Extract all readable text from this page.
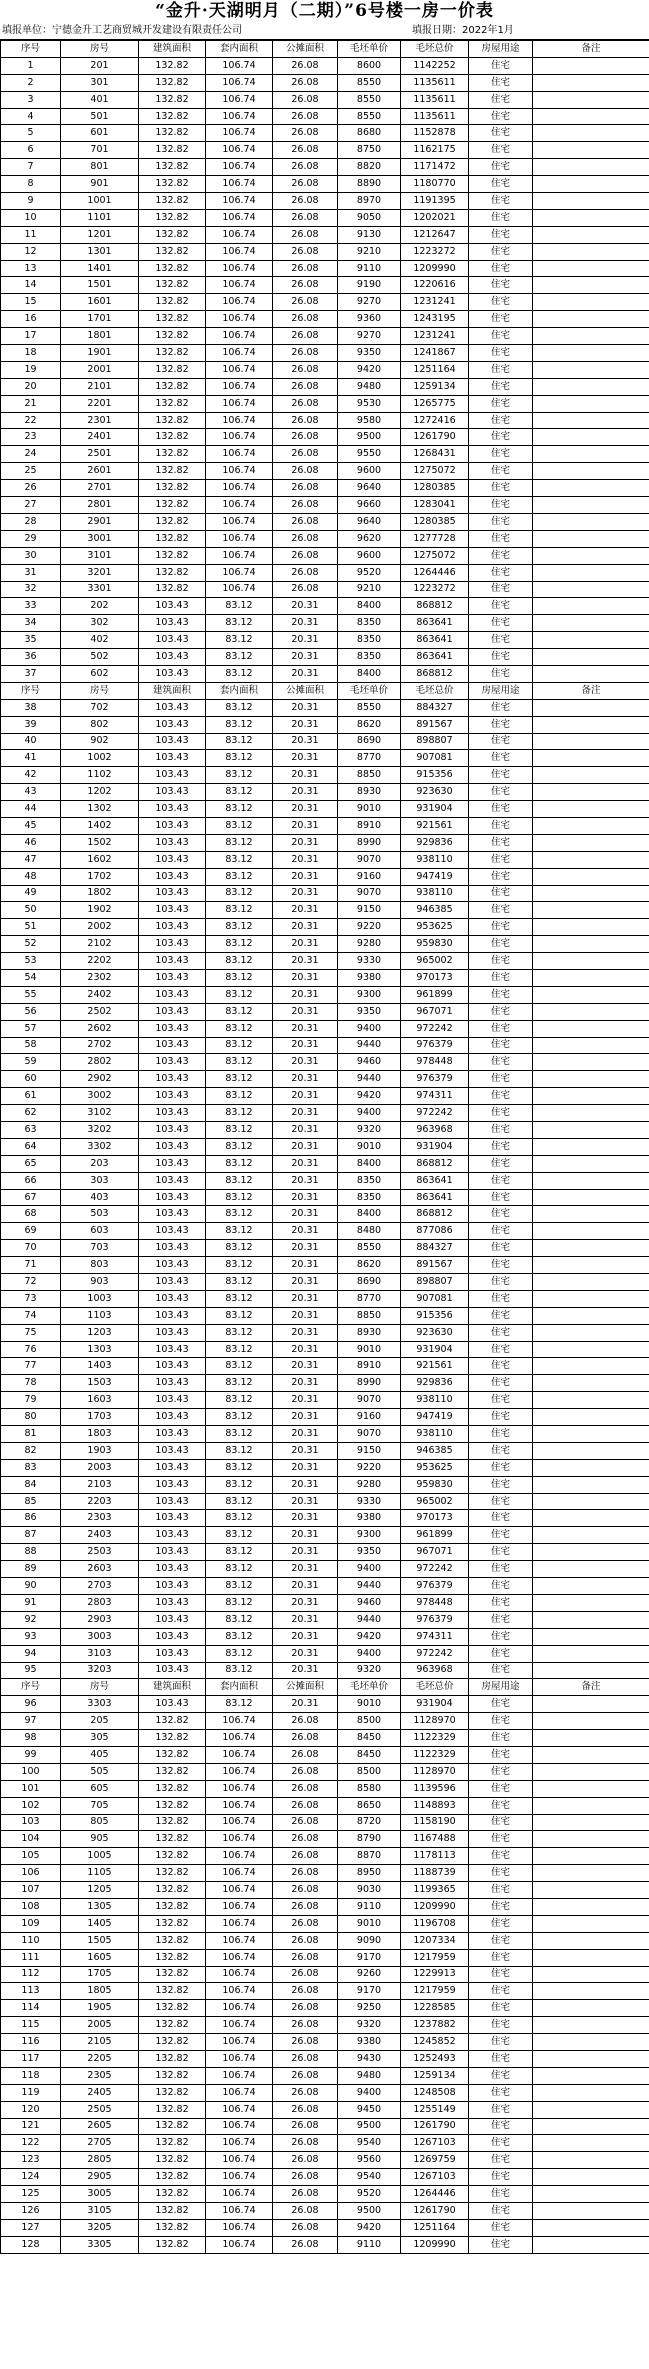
“金升·天湖明月（二期）”6号楼一房一价表
填报单位：宁德金升工艺商贸城开发建设有限责任公司	填报日期：2022年1月
序号	房号	建筑面积	套内面积	公摊面积	毛坯单价	毛坯总价	房屋用途	备注
1	201	132.82	106.74	26.08	8600	1142252	住宅	
2	301	132.82	106.74	26.08	8550	1135611	住宅	
3	401	132.82	106.74	26.08	8550	1135611	住宅	
4	501	132.82	106.74	26.08	8550	1135611	住宅	
5	601	132.82	106.74	26.08	8680	1152878	住宅	
6	701	132.82	106.74	26.08	8750	1162175	住宅	
7	801	132.82	106.74	26.08	8820	1171472	住宅	
8	901	132.82	106.74	26.08	8890	1180770	住宅	
9	1001	132.82	106.74	26.08	8970	1191395	住宅	
10	1101	132.82	106.74	26.08	9050	1202021	住宅	
11	1201	132.82	106.74	26.08	9130	1212647	住宅	
12	1301	132.82	106.74	26.08	9210	1223272	住宅	
13	1401	132.82	106.74	26.08	9110	1209990	住宅	
14	1501	132.82	106.74	26.08	9190	1220616	住宅	
15	1601	132.82	106.74	26.08	9270	1231241	住宅	
16	1701	132.82	106.74	26.08	9360	1243195	住宅	
17	1801	132.82	106.74	26.08	9270	1231241	住宅	
18	1901	132.82	106.74	26.08	9350	1241867	住宅	
19	2001	132.82	106.74	26.08	9420	1251164	住宅	
20	2101	132.82	106.74	26.08	9480	1259134	住宅	
21	2201	132.82	106.74	26.08	9530	1265775	住宅	
22	2301	132.82	106.74	26.08	9580	1272416	住宅	
23	2401	132.82	106.74	26.08	9500	1261790	住宅	
24	2501	132.82	106.74	26.08	9550	1268431	住宅	
25	2601	132.82	106.74	26.08	9600	1275072	住宅	
26	2701	132.82	106.74	26.08	9640	1280385	住宅	
27	2801	132.82	106.74	26.08	9660	1283041	住宅	
28	2901	132.82	106.74	26.08	9640	1280385	住宅	
29	3001	132.82	106.74	26.08	9620	1277728	住宅	
30	3101	132.82	106.74	26.08	9600	1275072	住宅	
31	3201	132.82	106.74	26.08	9520	1264446	住宅	
32	3301	132.82	106.74	26.08	9210	1223272	住宅	
33	202	103.43	83.12	20.31	8400	868812	住宅	
34	302	103.43	83.12	20.31	8350	863641	住宅	
35	402	103.43	83.12	20.31	8350	863641	住宅	
36	502	103.43	83.12	20.31	8350	863641	住宅	
37	602	103.43	83.12	20.31	8400	868812	住宅	
序号	房号	建筑面积	套内面积	公摊面积	毛坯单价	毛坯总价	房屋用途	备注
38	702	103.43	83.12	20.31	8550	884327	住宅	
39	802	103.43	83.12	20.31	8620	891567	住宅	
40	902	103.43	83.12	20.31	8690	898807	住宅	
41	1002	103.43	83.12	20.31	8770	907081	住宅	
42	1102	103.43	83.12	20.31	8850	915356	住宅	
43	1202	103.43	83.12	20.31	8930	923630	住宅	
44	1302	103.43	83.12	20.31	9010	931904	住宅	
45	1402	103.43	83.12	20.31	8910	921561	住宅	
46	1502	103.43	83.12	20.31	8990	929836	住宅	
47	1602	103.43	83.12	20.31	9070	938110	住宅	
48	1702	103.43	83.12	20.31	9160	947419	住宅	
49	1802	103.43	83.12	20.31	9070	938110	住宅	
50	1902	103.43	83.12	20.31	9150	946385	住宅	
51	2002	103.43	83.12	20.31	9220	953625	住宅	
52	2102	103.43	83.12	20.31	9280	959830	住宅	
53	2202	103.43	83.12	20.31	9330	965002	住宅	
54	2302	103.43	83.12	20.31	9380	970173	住宅	
55	2402	103.43	83.12	20.31	9300	961899	住宅	
56	2502	103.43	83.12	20.31	9350	967071	住宅	
57	2602	103.43	83.12	20.31	9400	972242	住宅	
58	2702	103.43	83.12	20.31	9440	976379	住宅	
59	2802	103.43	83.12	20.31	9460	978448	住宅	
60	2902	103.43	83.12	20.31	9440	976379	住宅	
61	3002	103.43	83.12	20.31	9420	974311	住宅	
62	3102	103.43	83.12	20.31	9400	972242	住宅	
63	3202	103.43	83.12	20.31	9320	963968	住宅	
64	3302	103.43	83.12	20.31	9010	931904	住宅	
65	203	103.43	83.12	20.31	8400	868812	住宅	
66	303	103.43	83.12	20.31	8350	863641	住宅	
67	403	103.43	83.12	20.31	8350	863641	住宅	
68	503	103.43	83.12	20.31	8400	868812	住宅	
69	603	103.43	83.12	20.31	8480	877086	住宅	
70	703	103.43	83.12	20.31	8550	884327	住宅	
71	803	103.43	83.12	20.31	8620	891567	住宅	
72	903	103.43	83.12	20.31	8690	898807	住宅	
73	1003	103.43	83.12	20.31	8770	907081	住宅	
74	1103	103.43	83.12	20.31	8850	915356	住宅	
75	1203	103.43	83.12	20.31	8930	923630	住宅	
76	1303	103.43	83.12	20.31	9010	931904	住宅	
77	1403	103.43	83.12	20.31	8910	921561	住宅	
78	1503	103.43	83.12	20.31	8990	929836	住宅	
79	1603	103.43	83.12	20.31	9070	938110	住宅	
80	1703	103.43	83.12	20.31	9160	947419	住宅	
81	1803	103.43	83.12	20.31	9070	938110	住宅	
82	1903	103.43	83.12	20.31	9150	946385	住宅	
83	2003	103.43	83.12	20.31	9220	953625	住宅	
84	2103	103.43	83.12	20.31	9280	959830	住宅	
85	2203	103.43	83.12	20.31	9330	965002	住宅	
86	2303	103.43	83.12	20.31	9380	970173	住宅	
87	2403	103.43	83.12	20.31	9300	961899	住宅	
88	2503	103.43	83.12	20.31	9350	967071	住宅	
89	2603	103.43	83.12	20.31	9400	972242	住宅	
90	2703	103.43	83.12	20.31	9440	976379	住宅	
91	2803	103.43	83.12	20.31	9460	978448	住宅	
92	2903	103.43	83.12	20.31	9440	976379	住宅	
93	3003	103.43	83.12	20.31	9420	974311	住宅	
94	3103	103.43	83.12	20.31	9400	972242	住宅	
95	3203	103.43	83.12	20.31	9320	963968	住宅	
序号	房号	建筑面积	套内面积	公摊面积	毛坯单价	毛坯总价	房屋用途	备注
96	3303	103.43	83.12	20.31	9010	931904	住宅	
97	205	132.82	106.74	26.08	8500	1128970	住宅	
98	305	132.82	106.74	26.08	8450	1122329	住宅	
99	405	132.82	106.74	26.08	8450	1122329	住宅	
100	505	132.82	106.74	26.08	8500	1128970	住宅	
101	605	132.82	106.74	26.08	8580	1139596	住宅	
102	705	132.82	106.74	26.08	8650	1148893	住宅	
103	805	132.82	106.74	26.08	8720	1158190	住宅	
104	905	132.82	106.74	26.08	8790	1167488	住宅	
105	1005	132.82	106.74	26.08	8870	1178113	住宅	
106	1105	132.82	106.74	26.08	8950	1188739	住宅	
107	1205	132.82	106.74	26.08	9030	1199365	住宅	
108	1305	132.82	106.74	26.08	9110	1209990	住宅	
109	1405	132.82	106.74	26.08	9010	1196708	住宅	
110	1505	132.82	106.74	26.08	9090	1207334	住宅	
111	1605	132.82	106.74	26.08	9170	1217959	住宅	
112	1705	132.82	106.74	26.08	9260	1229913	住宅	
113	1805	132.82	106.74	26.08	9170	1217959	住宅	
114	1905	132.82	106.74	26.08	9250	1228585	住宅	
115	2005	132.82	106.74	26.08	9320	1237882	住宅	
116	2105	132.82	106.74	26.08	9380	1245852	住宅	
117	2205	132.82	106.74	26.08	9430	1252493	住宅	
118	2305	132.82	106.74	26.08	9480	1259134	住宅	
119	2405	132.82	106.74	26.08	9400	1248508	住宅	
120	2505	132.82	106.74	26.08	9450	1255149	住宅	
121	2605	132.82	106.74	26.08	9500	1261790	住宅	
122	2705	132.82	106.74	26.08	9540	1267103	住宅	
123	2805	132.82	106.74	26.08	9560	1269759	住宅	
124	2905	132.82	106.74	26.08	9540	1267103	住宅	
125	3005	132.82	106.74	26.08	9520	1264446	住宅	
126	3105	132.82	106.74	26.08	9500	1261790	住宅	
127	3205	132.82	106.74	26.08	9420	1251164	住宅	
128	3305	132.82	106.74	26.08	9110	1209990	住宅	
